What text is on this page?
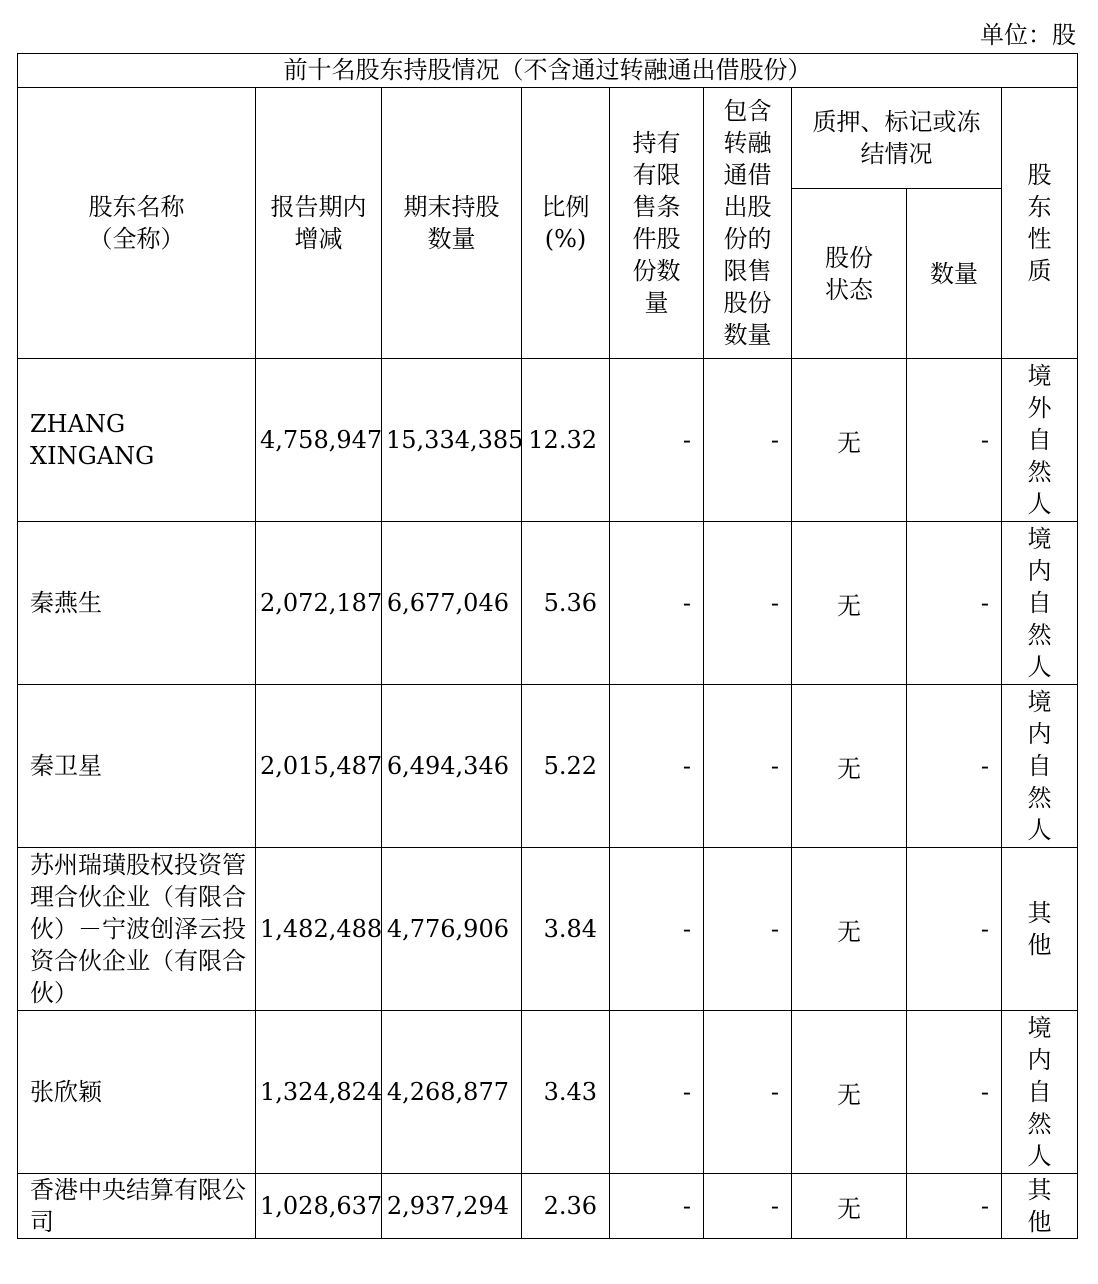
单位：股
前十名股东持股情况（不含通过转融通出借股份）								

股东名称（全称）	报告期内增减	期末持股数量	比例(%)	持有有限售条件股份数量	包含转融通借出股份的限售股份数量	质押、标记或冻结情况		股东性质

						股份状态	数量	

ZHANG XINGANG	4,758,947	15,334,385	12.32	-	-	无	-	境外自然人

秦燕生	2,072,187	6,677,046	5.36	-	-	无	-	境内自然人

秦卫星	2,015,487	6,494,346	5.22	-	-	无	-	境内自然人

苏州瑞璜股权投资管理合伙企业（有限合伙）－宁波创泽云投资合伙企业（有限合伙）	1,482,488	4,776,906	3.84	-	-	无	-	其他

张欣颖	1,324,824	4,268,877	3.43	-	-	无	-	境内自然人

香港中央结算有限公司	1,028,637	2,937,294	2.36	-	-	无	-	其他
